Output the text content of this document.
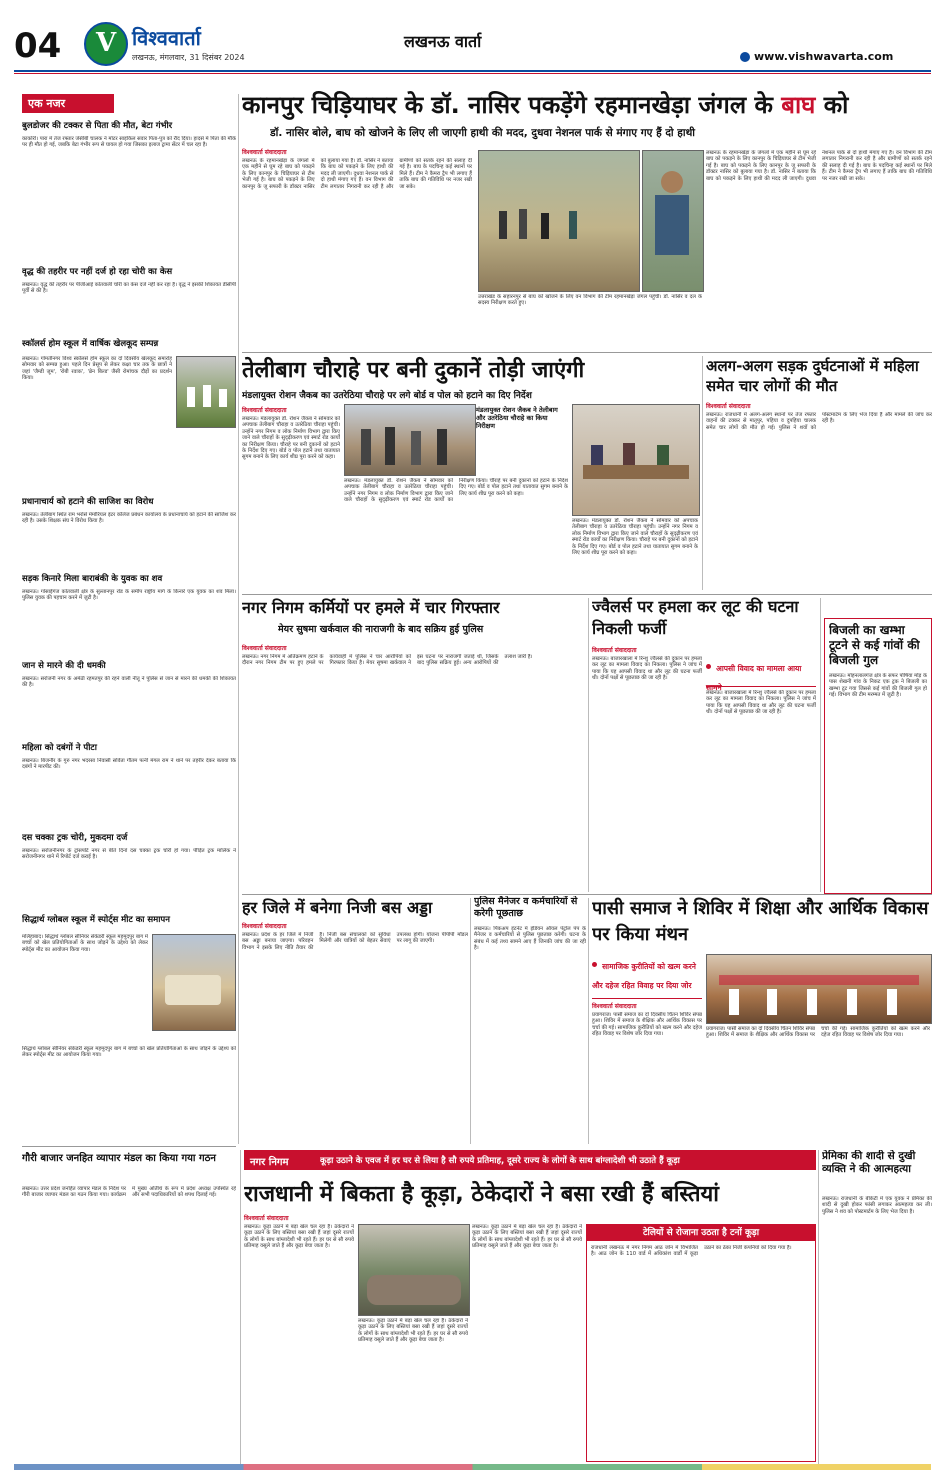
04 V विश्ववार्ता
लखनऊ, मंगलवार, 31 दिसंबर 2024
लखनऊ वार्ता
www.vishwavarta.com
एक नजर
बुलडोजर की टक्कर से पिता की मौत, बेटा गंभीर
काकोरी। पारा में तेज रफ्तार जेसीबी चालक ने मोटर साइकिल सवार पिता-पुत्र को रौंद दिया। हादसे में पिता की मौके पर ही मौत हो गई, जबकि बेटा गंभीर रूप से घायल हो गया जिसका इलाज ट्रामा सेंटर में चल रहा है।
वृद्ध की तहरीर पर नहीं दर्ज हो रहा चोरी का केस
लखनऊ। वृद्ध की तहरीर पर पीजीआई कोतवाली चोरी का केस दर्ज नहीं कर रहा है। वृद्ध ने इसकी शिकायत डीसीपी पूर्वी से की है।
स्कॉलर्स होम स्कूल में वार्षिक खेलकूद सम्पन्न
लखनऊ। गोमतीनगर विश्व स्कॉलर्स होम स्कूल का दो दिवसीय खेलकूद समारोह सोमवार को सम्पन्न हुआ। पहले दिन प्रेसूप से लेकर कक्षा चार तक के छात्रों ने जहां 'जैम्डी जूम', 'रोबी रवाक', 'ब्रेन बिल्ड' जैसी रोमांचक दौड़ों का प्रदर्शन किया।
प्रधानाचार्य को हटाने की साजिश का विरोध
लखनऊ। तेलीबाग स्थित राम भरोसे मेमोरियल इंटर कॉलेज प्रबंधन कार्यालय के प्रधानाचार्य को हटाने की साजिश कर रही है। उसके शिक्षक संघ ने विरोध किया है।
सड़क किनारे मिला बाराबंकी के युवक का शव
लखनऊ। गोसाईंगंज कोतवाली क्षेत्र के सुल्तानपुर रोड के समीप राष्ट्रीय मार्ग के किनारे एक युवक का शव मिला। पुलिस युवक की पहचान करने में जुटी है।
जान से मारने की दी धमकी
लखनऊ। सरोजनी नगर के अमेठी रहमतपुर की रहने वाली नीतू ने पुलिस से जान से मारने की धमकी की शिकायत की है।
महिला को दबंगों ने पीटा
लखनऊ। बिजनौर के गुरु नगर भदरसा निवासी सविता गौतम पत्नी मंगल राम ने थाने पर तहरीर देकर बताया कि दबंगों ने मारपीट की।
दस चक्का ट्रक चोरी, मुकदमा दर्ज
लखनऊ। सरोजनीनगर के ट्रांसपोर्ट नगर से बीते दिनों दस चक्का ट्रक चोरी हो गया। पीड़ित ट्रक मालिक ने सरोजनीनगर थाने में रिपोर्ट दर्ज कराई है।
सिद्धार्थ ग्लोबल स्कूल में स्पोर्ट्स मीट का समापन
मलिहाबाद। सिद्धार्थ ग्लोबल सीनियर सेकेंडरी स्कूल महमूदपुर बाग में बच्चों को खेल प्रतियोगिताओं के साथ जोड़ने के उद्देश्य को लेकर स्पोर्ट्स मीट का आयोजन किया गया।
सिद्धार्थ ग्लोबल सीनियर सेकेंडरी स्कूल महमूदपुर बाग में बच्चों को खेल प्रतियोगिताओं के साथ जोड़ने के उद्देश्य को लेकर स्पोर्ट्स मीट का आयोजन किया गया।
कानपुर चिड़ियाघर के डॉ. नासिर पकड़ेंगे रहमानखेड़ा जंगल के बाघ को
डॉ. नासिर बोले, बाघ को खोजने के लिए ली जाएगी हाथी की मदद, दुधवा नेशनल पार्क से मंगाए गए हैं दो हाथी
विश्ववार्ता संवाददाता
लखनऊ के रहमानखेड़ा के जंगलों में एक महीने से घूम रहे बाघ को पकड़ने के लिए कानपुर के चिड़ियाघर से टीम भेजी गई है। बाघ को पकड़ने के लिए कानपुर के जू सफारी के डॉक्टर नासिर को बुलाया गया है। डॉ. नासिर ने बताया कि बाघ को पकड़ने के लिए हाथी की मदद ली जाएगी। दुधवा नेशनल पार्क से दो हाथी मंगाए गए हैं। वन विभाग की टीम लगातार निगरानी कर रही है और ग्रामीणों को सतर्क रहने की सलाह दी गई है। बाघ के पदचिन्ह कई स्थानों पर मिले हैं। टीम ने कैमरा ट्रैप भी लगाए हैं ताकि बाघ की गतिविधि पर नजर रखी जा सके।
उत्तराखंड के सहारनपुर से बाघ को खोजने के लिए वन विभाग की टीम रहमानखेड़ा जंगल पहुंची। डॉ. नासिर व दल के सदस्य निरीक्षण करते हुए।
लखनऊ के रहमानखेड़ा के जंगलों में एक महीने से घूम रहे बाघ को पकड़ने के लिए कानपुर के चिड़ियाघर से टीम भेजी गई है। बाघ को पकड़ने के लिए कानपुर के जू सफारी के डॉक्टर नासिर को बुलाया गया है। डॉ. नासिर ने बताया कि बाघ को पकड़ने के लिए हाथी की मदद ली जाएगी। दुधवा नेशनल पार्क से दो हाथी मंगाए गए हैं। वन विभाग की टीम लगातार निगरानी कर रही है और ग्रामीणों को सतर्क रहने की सलाह दी गई है। बाघ के पदचिन्ह कई स्थानों पर मिले हैं। टीम ने कैमरा ट्रैप भी लगाए हैं ताकि बाघ की गतिविधि पर नजर रखी जा सके।
तेलीबाग चौराहे पर बनी दुकानें तोड़ी जाएंगी
मंडलायुक्त रोशन जैकब का उतरेठिया चौराहे पर लगे बोर्ड व पोल को हटाने का दिए निर्देश
विश्ववार्ता संवाददाता
लखनऊ। मंडलायुक्त डॉ. रोशन जैकब ने सोमवार को अपचाक तेलीबाग चौराहा व उतरेठिया चौराहा पहुंची। उन्होंने नगर निगम व लोक निर्माण विभाग द्वारा किए जाने वाले चौराहों के सुदृढ़ीकरण एवं स्मार्ट रोड कार्यों का निरीक्षण किया। चौराहे पर बनी दुकानों को हटाने के निर्देश दिए गए। बोर्ड व पोल हटाने तथा यातायात सुगम बनाने के लिए कार्य शीघ्र पूरा करने को कहा।
मंडलायुक्त रोशन जैकब ने तेलीबाग और उतरेठिया चौराहे का किया निरीक्षण
लखनऊ। मंडलायुक्त डॉ. रोशन जैकब ने सोमवार को अपचाक तेलीबाग चौराहा व उतरेठिया चौराहा पहुंची। उन्होंने नगर निगम व लोक निर्माण विभाग द्वारा किए जाने वाले चौराहों के सुदृढ़ीकरण एवं स्मार्ट रोड कार्यों का निरीक्षण किया। चौराहे पर बनी दुकानों को हटाने के निर्देश दिए गए। बोर्ड व पोल हटाने तथा यातायात सुगम बनाने के लिए कार्य शीघ्र पूरा करने को कहा।
लखनऊ। मंडलायुक्त डॉ. रोशन जैकब ने सोमवार को अपचाक तेलीबाग चौराहा व उतरेठिया चौराहा पहुंची। उन्होंने नगर निगम व लोक निर्माण विभाग द्वारा किए जाने वाले चौराहों के सुदृढ़ीकरण एवं स्मार्ट रोड कार्यों का निरीक्षण किया। चौराहे पर बनी दुकानों को हटाने के निर्देश दिए गए। बोर्ड व पोल हटाने तथा यातायात सुगम बनाने के लिए कार्य शीघ्र पूरा करने को कहा।
अलग-अलग सड़क दुर्घटनाओं में महिला समेत चार लोगों की मौत
विश्ववार्ता संवाददाता
लखनऊ। राजधानी में अलग-अलग स्थानों पर तेज रफ्तार वाहनों की टक्कर से मातृपुर, पहिया व दुपहिया चालक समेत चार लोगों की मौत हो गई। पुलिस ने शवों को पोस्टमार्टम के लिए भेज दिया है और मामले की जांच कर रही है।
नगर निगम कर्मियों पर हमले में चार गिरफ्तार
मेयर सुषमा खर्कवाल की नाराजगी के बाद सक्रिय हुई पुलिस
विश्ववार्ता संवाददाता
लखनऊ। नगर निगम में अतिक्रमण हटाने के दौरान नगर निगम टीम पर हुए हमले पर कार्यवाही में पुलिस ने चार आरोपियों को गिरफ्तार किया है। मेयर सुषमा खर्कवाल ने इस घटना पर नाराजगी जताई थी, जिसके बाद पुलिस सक्रिय हुई। अन्य आरोपियों की तलाश जारी है।
ज्वैलर्स पर हमला कर लूट की घटना निकली फर्जी
विश्ववार्ता संवाददाता
लखनऊ। बाजारखाला में रिन्शु ज्वैलर्स की दुकान पर हमला कर लूट का मामला विवाद का निकला। पुलिस ने जांच में पाया कि यह आपसी विवाद था और लूट की घटना फर्जी थी। दोनों पक्षों से पूछताछ की जा रही है।
आपसी विवाद का मामला आया सामने
लखनऊ। बाजारखाला में रिन्शु ज्वैलर्स की दुकान पर हमला कर लूट का मामला विवाद का निकला। पुलिस ने जांच में पाया कि यह आपसी विवाद था और लूट की घटना फर्जी थी। दोनों पक्षों से पूछताछ की जा रही है।
बिजली का खम्भा टूटने से कई गांवों की बिजली गुल
लखनऊ। मोहनलालगंज क्षेत्र के सफर पोषिया मोड़ के पास शेखनी गांव के निकट एक ट्रक ने बिजली का खम्भा टूट गया जिससे कई गांवों की बिजली गुल हो गई। विभाग की टीम मरम्मत में जुटी है।
हर जिले में बनेगा निजी बस अड्डा
विश्ववार्ता संवाददाता
लखनऊ। प्रदेश के हर जिले में निजी बस अड्डा बनाया जाएगा। परिवहन विभाग ने इसके लिए नीति तैयार की है। निजी बस संचालकों को सुविधा मिलेगी और यात्रियों को बेहतर सेवाएं उपलब्ध होंगी। योजना पीपीपी मॉडल पर लागू की जाएगी।
पुलिस मैनेजर व कर्मचारियों से करेगी पूछताछ
लखनऊ। पिकअप इंटर्नेट में इंडियन ऑयल पेट्रोल पंप के मैनेजर व कर्मचारियों से पुलिस पूछताछ करेगी। घटना के संबंध में कई तथ्य सामने आए हैं जिनकी जांच की जा रही है।
पासी समाज ने शिविर में शिक्षा और आर्थिक विकास पर किया मंथन
सामाजिक कुरीतियों को खत्म करने और दहेज रहित विवाह पर दिया जोर
विश्ववार्ता संवाददाता
प्रयागराज। पासी समाज का दो दिवसीय चिंतन शिविर संपन्न हुआ। शिविर में समाज के शैक्षिक और आर्थिक विकास पर चर्चा की गई। सामाजिक कुरीतियों को खत्म करने और दहेज रहित विवाह पर विशेष जोर दिया गया।
प्रयागराज। पासी समाज का दो दिवसीय चिंतन शिविर संपन्न हुआ। शिविर में समाज के शैक्षिक और आर्थिक विकास पर चर्चा की गई। सामाजिक कुरीतियों को खत्म करने और दहेज रहित विवाह पर विशेष जोर दिया गया।
गौरी बाजार जनहित व्यापार मंडल का किया गया गठन
लखनऊ। उत्तर प्रदेश जनहित व्यापार मंडल के निर्देश पर गौरी बाजार व्यापार मंडल का गठन किया गया। कार्यक्रम में मुख्य अतिथि के रूप में प्रदेश अध्यक्ष उपस्थित रहे और सभी पदाधिकारियों को शपथ दिलाई गई।
नगर निगम	कूड़ा उठाने के एवज में हर घर से लिया है सौ रुपये प्रतिमाह, दूसरे राज्य के लोगों के साथ बांग्लादेशी भी उठाते हैं कूड़ा
राजधानी में बिकता है कूड़ा, ठेकेदारों ने बसा रखी हैं बस्तियां
विश्ववार्ता संवाददाता
लखनऊ। कूड़ा उठाने में बड़ा खेल चल रहा है। ठेकेदारों ने कूड़ा उठाने के लिए बस्तियां बसा रखी हैं जहां दूसरे राज्यों के लोगों के साथ बांग्लादेशी भी रहते हैं। हर घर से सौ रुपये प्रतिमाह वसूले जाते हैं और कूड़ा बेचा जाता है।
लखनऊ। कूड़ा उठाने में बड़ा खेल चल रहा है। ठेकेदारों ने कूड़ा उठाने के लिए बस्तियां बसा रखी हैं जहां दूसरे राज्यों के लोगों के साथ बांग्लादेशी भी रहते हैं। हर घर से सौ रुपये प्रतिमाह वसूले जाते हैं और कूड़ा बेचा जाता है।
लखनऊ। कूड़ा उठाने में बड़ा खेल चल रहा है। ठेकेदारों ने कूड़ा उठाने के लिए बस्तियां बसा रखी हैं जहां दूसरे राज्यों के लोगों के साथ बांग्लादेशी भी रहते हैं। हर घर से सौ रुपये प्रतिमाह वसूले जाते हैं और कूड़ा बेचा जाता है।
टेलियों से रोजाना उठता है टनों कूड़ा
राजधानी लखनऊ में नगर निगम आठ जोन में विभाजित है। आठ जोन के 110 वार्ड में अधिकांश वार्डों में कूड़ा उठाने का ठेका निजी कंपनियों को दिया गया है।
प्रेमिका की शादी से दुखी व्यक्ति ने की आत्महत्या
लखनऊ। राजधानी के बीकेटी में एक युवक ने प्रेमिका की शादी से दुखी होकर फांसी लगाकर आत्महत्या कर ली। पुलिस ने शव को पोस्टमार्टम के लिए भेज दिया है।
